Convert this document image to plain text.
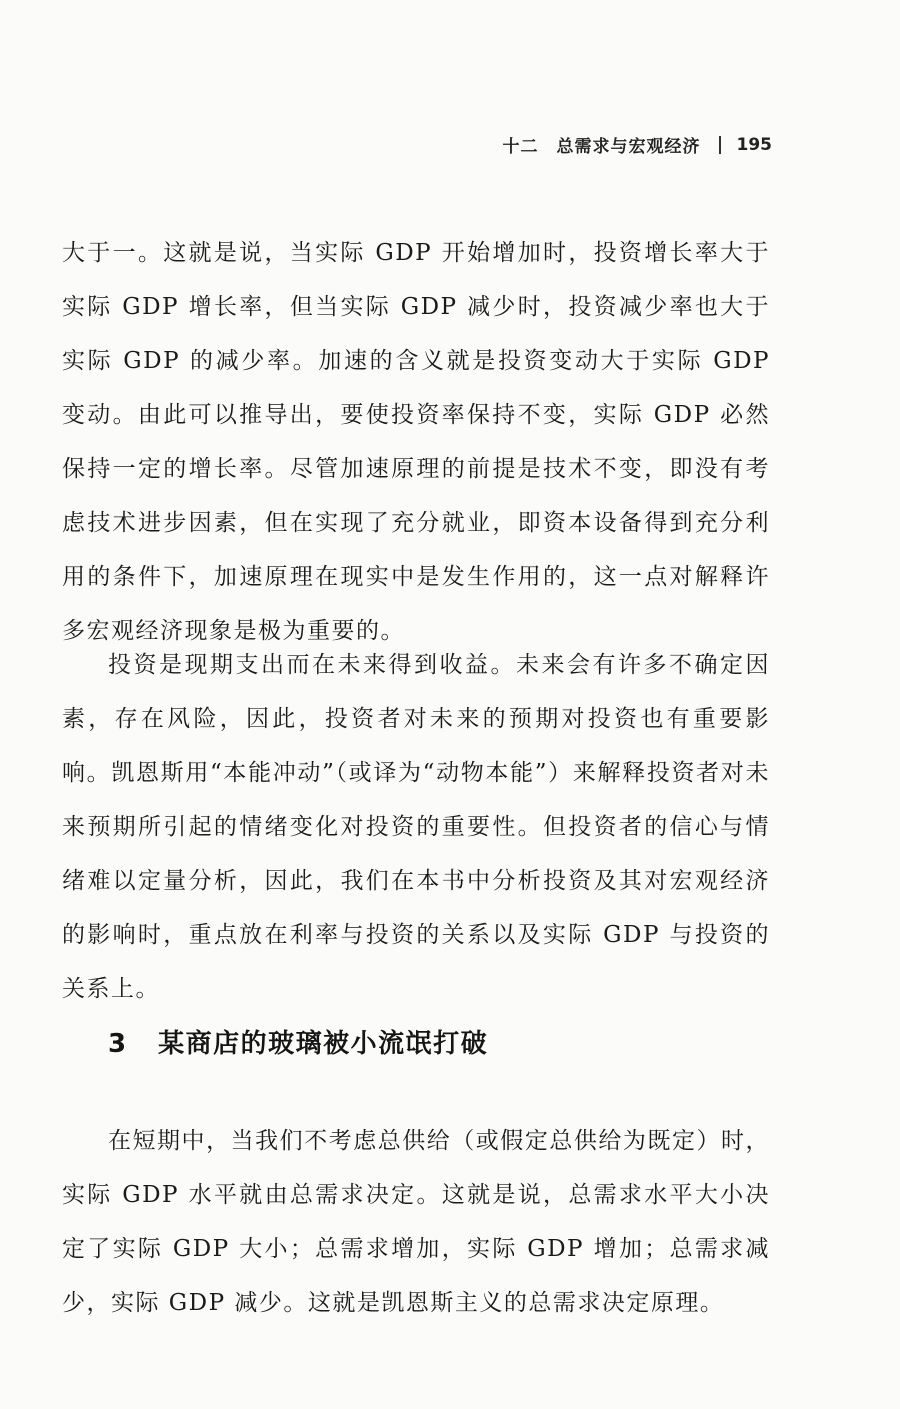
十二 总需求与宏观经济 195

大于一。这就是说，当实际 GDP 开始增加时，投资增长率大于实际 GDP 增长率，但当实际 GDP 减少时，投资减少率也大于实际 GDP 的减少率。加速的含义就是投资变动大于实际 GDP 变动。由此可以推导出，要使投资率保持不变，实际 GDP 必然保持一定的增长率。尽管加速原理的前提是技术不变，即没有考虑技术进步因素，但在实现了充分就业，即资本设备得到充分利用的条件下，加速原理在现实中是发生作用的，这一点对解释许多宏观经济现象是极为重要的。

投资是现期支出而在未来得到收益。未来会有许多不确定因素，存在风险，因此，投资者对未来的预期对投资也有重要影响。凯恩斯用“本能冲动”（或译为“动物本能”）来解释投资者对未来预期所引起的情绪变化对投资的重要性。但投资者的信心与情绪难以定量分析，因此，我们在本书中分析投资及其对宏观经济的影响时，重点放在利率与投资的关系以及实际 GDP 与投资的关系上。

3 某商店的玻璃被小流氓打破

在短期中，当我们不考虑总供给（或假定总供给为既定）时，实际 GDP 水平就由总需求决定。这就是说，总需求水平大小决定了实际 GDP 大小；总需求增加，实际 GDP 增加；总需求减少，实际 GDP 减少。这就是凯恩斯主义的总需求决定原理。
